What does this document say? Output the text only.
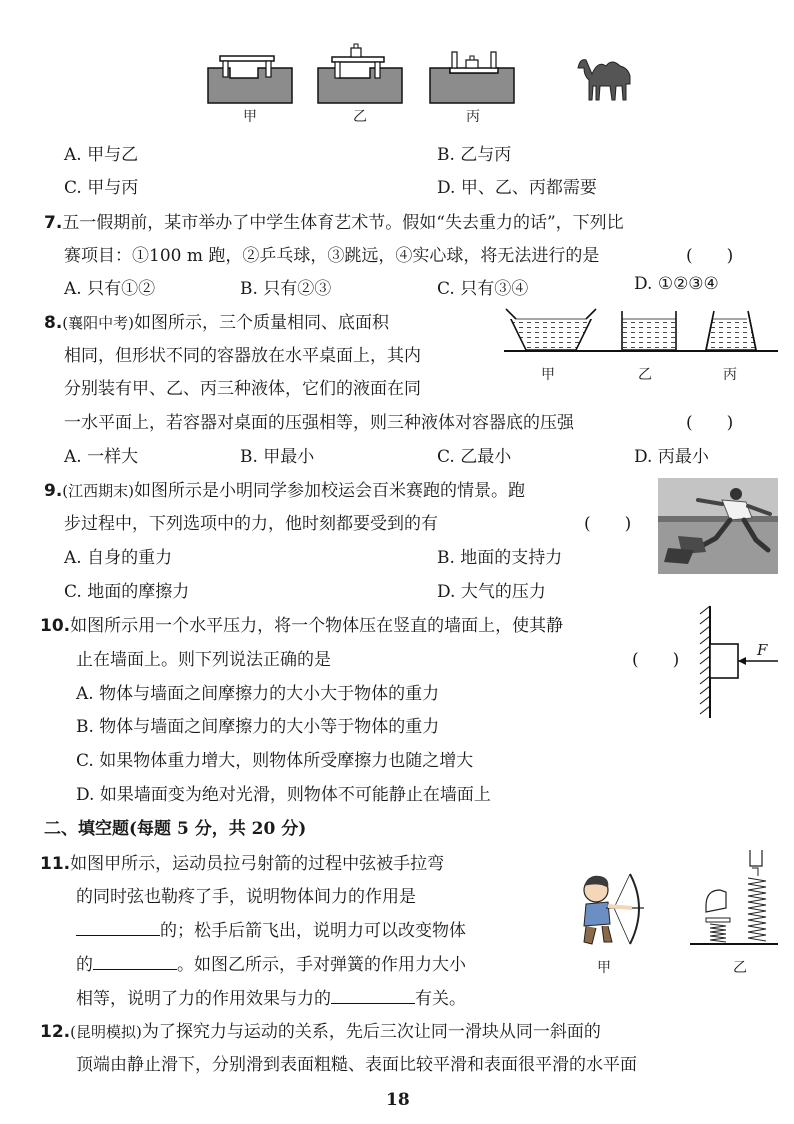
甲	乙	丙
A. 甲与乙	B. 乙与丙
C. 甲与丙	D. 甲、乙、丙都需要
7.五一假期前，某市举办了中学生体育艺术节。假如“失去重力的话”，下列比
赛项目：①100 m 跑，②乒乓球，③跳远，④实心球，将无法进行的是	(　　)
A. 只有①②	B. 只有②③	C. 只有③④	D. ①②③④
8.(襄阳中考)如图所示，三个质量相同、底面积
相同，但形状不同的容器放在水平桌面上，其内
分别装有甲、乙、丙三种液体，它们的液面在同
一水平面上，若容器对桌面的压强相等，则三种液体对容器底的压强	(　　)
甲	乙	丙
A. 一样大	B. 甲最小	C. 乙最小	D. 丙最小
9.(江西期末)如图所示是小明同学参加校运会百米赛跑的情景。跑
步过程中，下列选项中的力，他时刻都要受到的有	(　　)
A. 自身的重力	B. 地面的支持力
C. 地面的摩擦力	D. 大气的压力
10.如图所示用一个水平压力，将一个物体压在竖直的墙面上，使其静
止在墙面上。则下列说法正确的是	(　　)
A. 物体与墙面之间摩擦力的大小大于物体的重力
B. 物体与墙面之间摩擦力的大小等于物体的重力
C. 如果物体重力增大，则物体所受摩擦力也随之增大
D. 如果墙面变为绝对光滑，则物体不可能静止在墙面上
F
二、填空题(每题 5 分，共 20 分)
11.如图甲所示，运动员拉弓射箭的过程中弦被手拉弯
的同时弦也勒疼了手，说明物体间力的作用是
的；松手后箭飞出，说明力可以改变物体
的	。如图乙所示，手对弹簧的作用力大小
相等，说明了力的作用效果与力的	有关。
甲	乙
12.(昆明模拟)为了探究力与运动的关系，先后三次让同一滑块从同一斜面的
顶端由静止滑下，分别滑到表面粗糙、表面比较平滑和表面很平滑的水平面
18
